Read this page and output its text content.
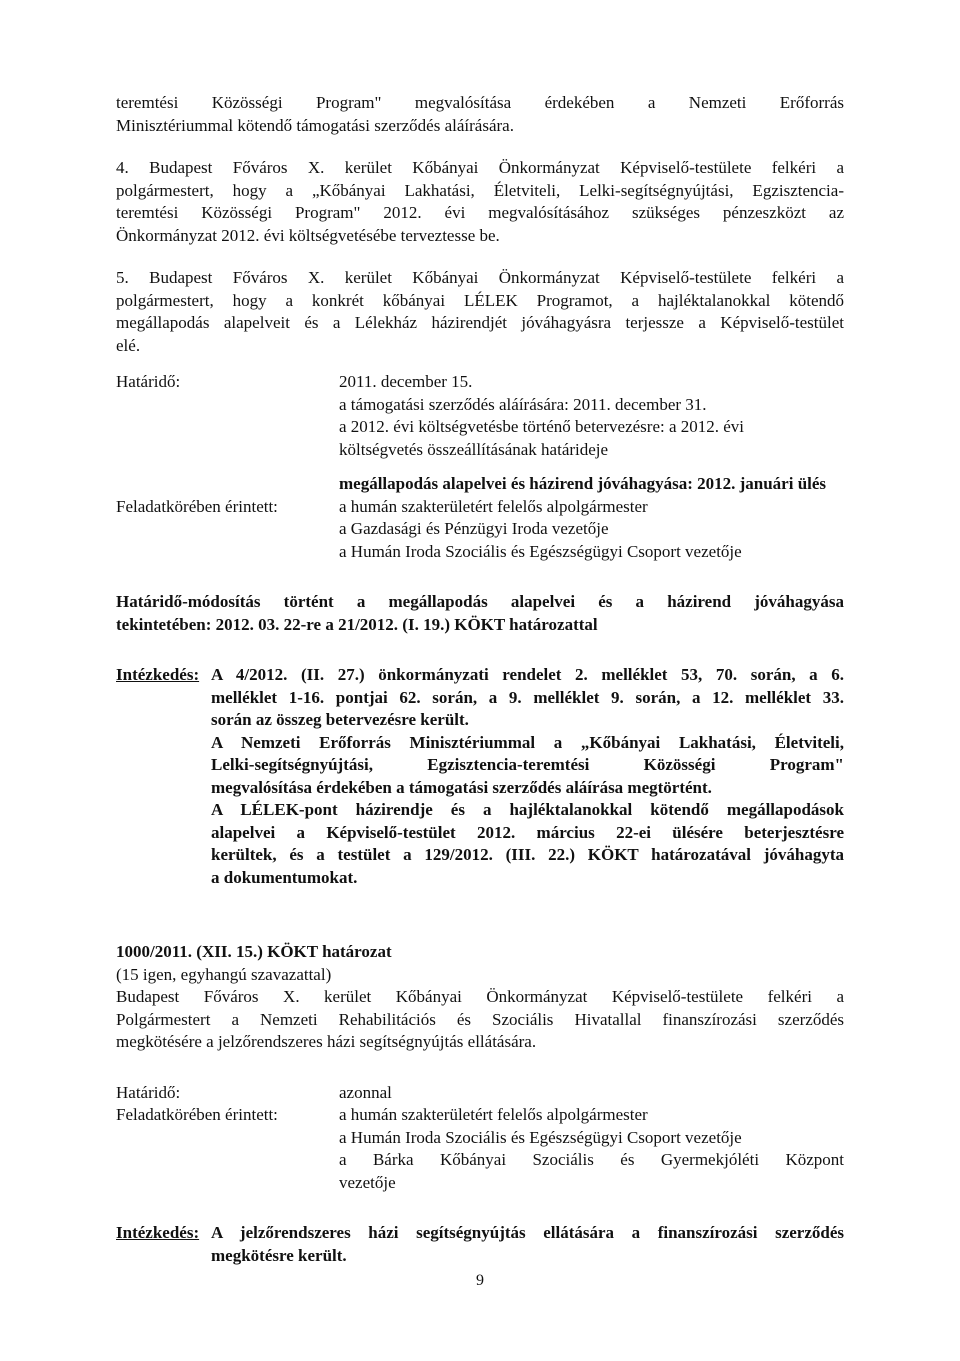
teremtési Közösségi Program" megvalósítása érdekében a Nemzeti Erőforrás
Minisztériummal kötendő támogatási szerződés aláírására.
4. Budapest Főváros X. kerület Kőbányai Önkormányzat Képviselő-testülete felkéri a
polgármestert, hogy a „Kőbányai Lakhatási, Életviteli, Lelki-segítségnyújtási, Egzisztencia-
teremtési Közösségi Program" 2012. évi megvalósításához szükséges pénzeszközt az
Önkormányzat 2012. évi költségvetésébe terveztesse be.
5. Budapest Főváros X. kerület Kőbányai Önkormányzat Képviselő-testülete felkéri a
polgármestert, hogy a konkrét kőbányai LÉLEK Programot, a hajléktalanokkal kötendő
megállapodás alapelveit és a Lélekház házirendjét jóváhagyásra terjessze a Képviselő-testület
elé.
Határidő:	2011. december 15.
a támogatási szerződés aláírására: 2011. december 31.
a 2012. évi költségvetésbe történő betervezésre: a 2012. évi
költségvetés összeállításának határideje
megállapodás alapelvei és házirend jóváhagyása: 2012. januári ülés
Feladatkörében érintett:	a humán szakterületért felelős alpolgármester
a Gazdasági és Pénzügyi Iroda vezetője
a Humán Iroda Szociális és Egészségügyi Csoport vezetője
Határidő-módosítás történt a megállapodás alapelvei és a házirend jóváhagyása
tekintetében: 2012. 03. 22-re a 21/2012. (I. 19.) KÖKT határozattal
Intézkedés: A 4/2012. (II. 27.) önkormányzati rendelet 2. melléklet 53, 70. során, a 6.
melléklet 1-16. pontjai 62. során, a 9. melléklet 9. során, a 12. melléklet 33.
során az összeg betervezésre került.
A Nemzeti Erőforrás Minisztériummal a „Kőbányai Lakhatási, Életviteli,
Lelki-segítségnyújtási, Egzisztencia-teremtési Közösségi Program"
megvalósítása érdekében a támogatási szerződés aláírása megtörtént.
A LÉLEK-pont házirendje és a hajléktalanokkal kötendő megállapodások
alapelvei a Képviselő-testület 2012. március 22-ei ülésére beterjesztésre
kerültek, és a testület a 129/2012. (III. 22.) KÖKT határozatával jóváhagyta
a dokumentumokat.
1000/2011. (XII. 15.) KÖKT határozat
(15 igen, egyhangú szavazattal)
Budapest Főváros X. kerület Kőbányai Önkormányzat Képviselő-testülete felkéri a
Polgármestert a Nemzeti Rehabilitációs és Szociális Hivatallal finanszírozási szerződés
megkötésére a jelzőrendszeres házi segítségnyújtás ellátására.
Határidő:	azonnal
Feladatkörében érintett:	a humán szakterületért felelős alpolgármester
a Humán Iroda Szociális és Egészségügyi Csoport vezetője
a Bárka Kőbányai Szociális és Gyermekjóléti Központ
vezetője
Intézkedés: A jelzőrendszeres házi segítségnyújtás ellátására a finanszírozási szerződés
megkötésre került.
9
